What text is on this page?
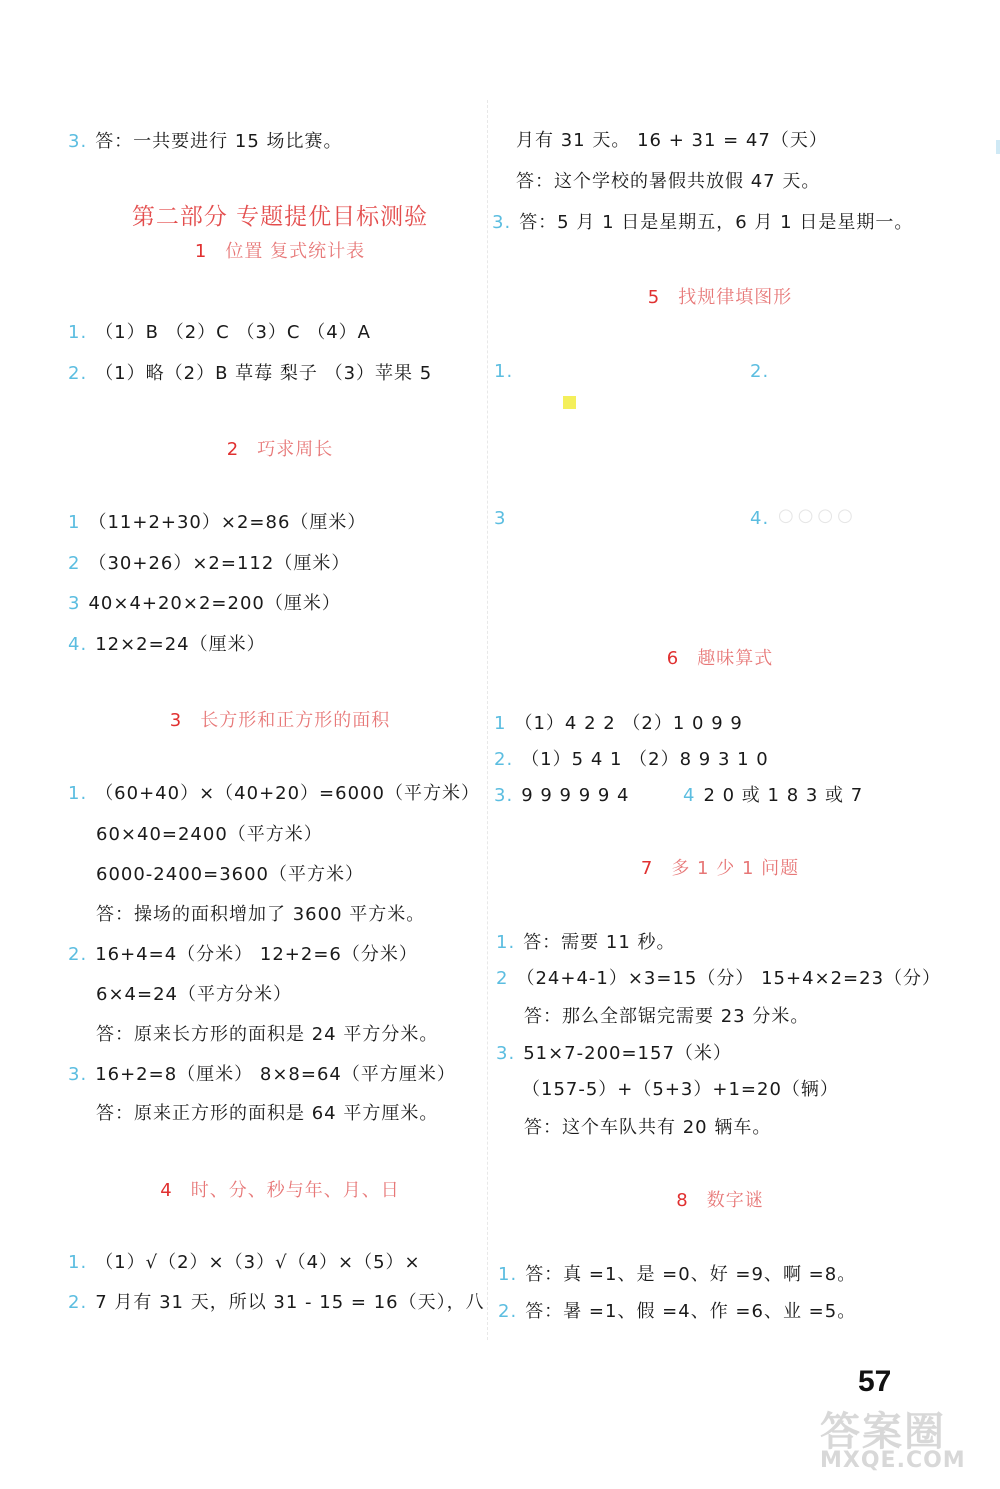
3. 答：一共要进行 15 场比赛。
第二部分 专题提优目标测验
1 位置 复式统计表
1. （1）B （2）C （3）C （4）A
2. （1）略（2）B 草莓 梨子 （3）苹果 5
2 巧求周长
1 （11+2+30）×2=86（厘米）
2 （30+26）×2=112（厘米）
3 40×4+20×2=200（厘米）
4. 12×2=24（厘米）
3 长方形和正方形的面积
1. （60+40）×（40+20）=6000（平方米）
60×40=2400（平方米）
6000-2400=3600（平方米）
答：操场的面积增加了 3600 平方米。
2. 16+4=4（分米） 12+2=6（分米）
6×4=24（平方分米）
答：原来长方形的面积是 24 平方分米。
3. 16+2=8（厘米） 8×8=64（平方厘米）
答：原来正方形的面积是 64 平方厘米。
4 时、分、秒与年、月、日
1. （1）√（2）×（3）√（4）×（5）×
2. 7 月有 31 天，所以 31 - 15 = 16（天），八
月有 31 天。 16 + 31 = 47（天）
答：这个学校的暑假共放假 47 天。
3. 答：5 月 1 日是星期五，6 月 1 日是星期一。
5 找规律填图形
1.	2.
3	4. ○○○○
6 趣味算式
1 （1）4 2 2 （2）1 0 9 9
2. （1）5 4 1 （2）8 9 3 1 0
3. 9 9 9 9 9 4	4 2 0 或 1 8 3 或 7
7 多 1 少 1 问题
1. 答：需要 11 秒。
2 （24+4-1）×3=15（分） 15+4×2=23（分）
答：那么全部锯完需要 23 分米。
3. 51×7-200=157（米）
（157-5）+（5+3）+1=20（辆）
答：这个车队共有 20 辆车。
8 数字谜
1. 答：真 =1、是 =0、好 =9、啊 =8。
2. 答：暑 =1、假 =4、作 =6、业 =5。
57
答案圈
MXQE.COM
